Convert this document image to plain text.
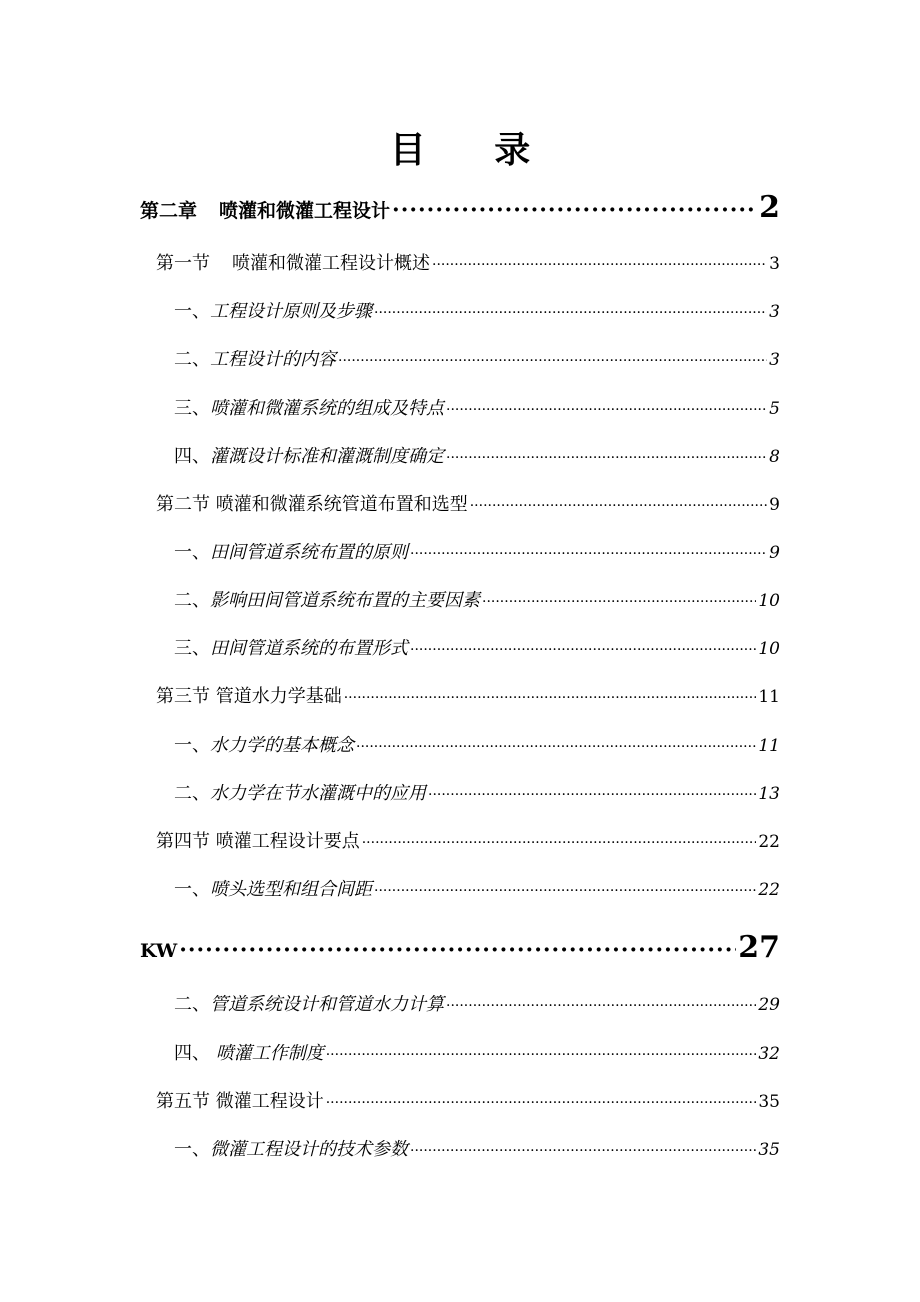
目 录
第二章 喷灌和微灌工程设计 ·····	2
第一节 喷灌和微灌工程设计概述 ·····	3
一、工程设计原则及步骤 ·····	3
二、工程设计的内容 ·····	3
三、喷灌和微灌系统的组成及特点 ·····	5
四、灌溉设计标准和灌溉制度确定 ·····	8
第二节 喷灌和微灌系统管道布置和选型 ·····	9
一、田间管道系统布置的原则 ·····	9
二、影响田间管道系统布置的主要因素 ·····	10
三、田间管道系统的布置形式 ·····	10
第三节 管道水力学基础 ·····	11
一、水力学的基本概念 ·····	11
二、水力学在节水灌溉中的应用 ·····	13
第四节 喷灌工程设计要点 ·····	22
一、喷头选型和组合间距 ·····	22
KW ·····	27
二、管道系统设计和管道水力计算 ·····	29
四、 喷灌工作制度 ·····	32
第五节 微灌工程设计 ·····	35
一、微灌工程设计的技术参数 ·····	35
